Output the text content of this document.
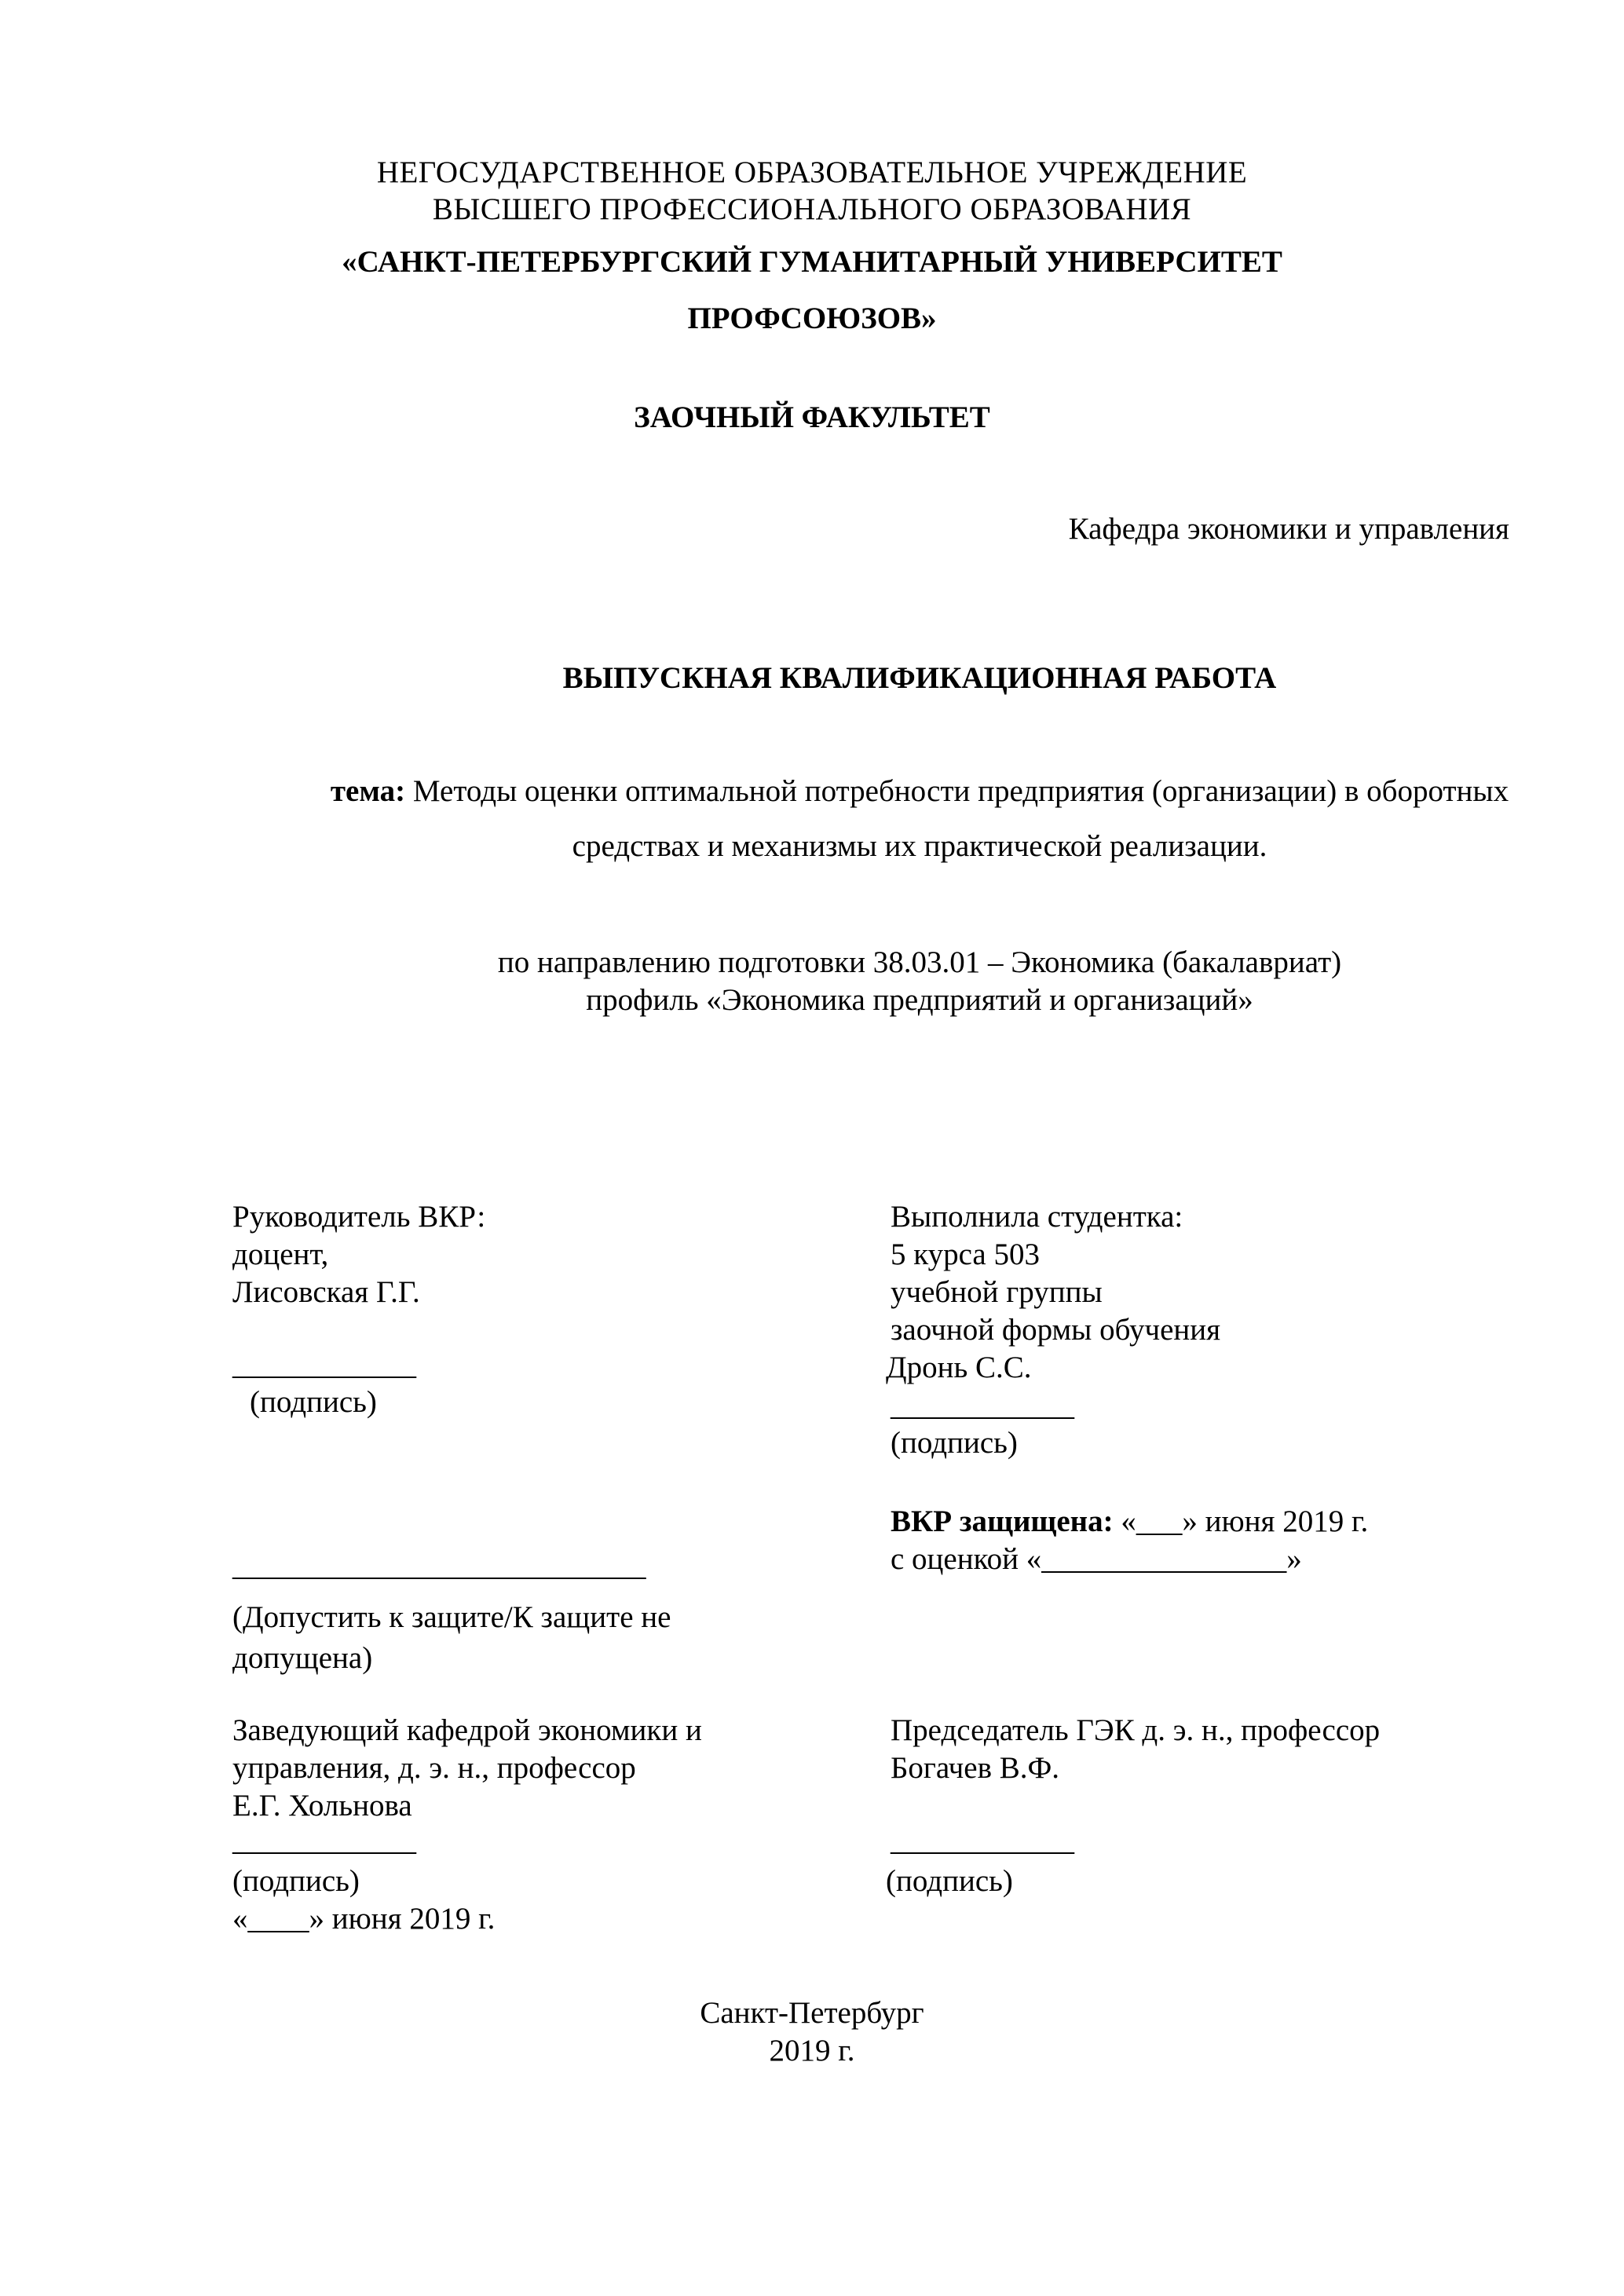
НЕГОСУДАРСТВЕННОЕ ОБРАЗОВАТЕЛЬНОЕ УЧРЕЖДЕНИЕ
ВЫСШЕГО ПРОФЕССИОНАЛЬНОГО ОБРАЗОВАНИЯ
«САНКТ-ПЕТЕРБУРГСКИЙ ГУМАНИТАРНЫЙ УНИВЕРСИТЕТ
ПРОФСОЮЗОВ»
ЗАОЧНЫЙ ФАКУЛЬТЕТ
Кафедра экономики и управления
ВЫПУСКНАЯ КВАЛИФИКАЦИОННАЯ РАБОТА
тема: Методы оценки оптимальной потребности предприятия (организации) в оборотных
средствах и механизмы их практической реализации.
по направлению подготовки 38.03.01 – Экономика (бакалавриат)
профиль «Экономика предприятий и организаций»
Руководитель ВКР:
доцент,
Лисовская Г.Г.
____________
(подпись)
Выполнила студентка:
5 курса 503
учебной группы
заочной формы обучения
Дронь С.С.
____________
(подпись)
ВКР защищена: «___» июня 2019 г.
с оценкой «________________»
___________________________
(Допустить к защите/К защите не
допущена)
Заведующий кафедрой экономики и
управления, д. э. н., профессор
Е.Г. Хольнова
____________
(подпись)
«____» июня 2019 г.
Председатель ГЭК д. э. н., профессор
Богачев В.Ф.
____________
(подпись)
Санкт-Петербург
2019 г.
